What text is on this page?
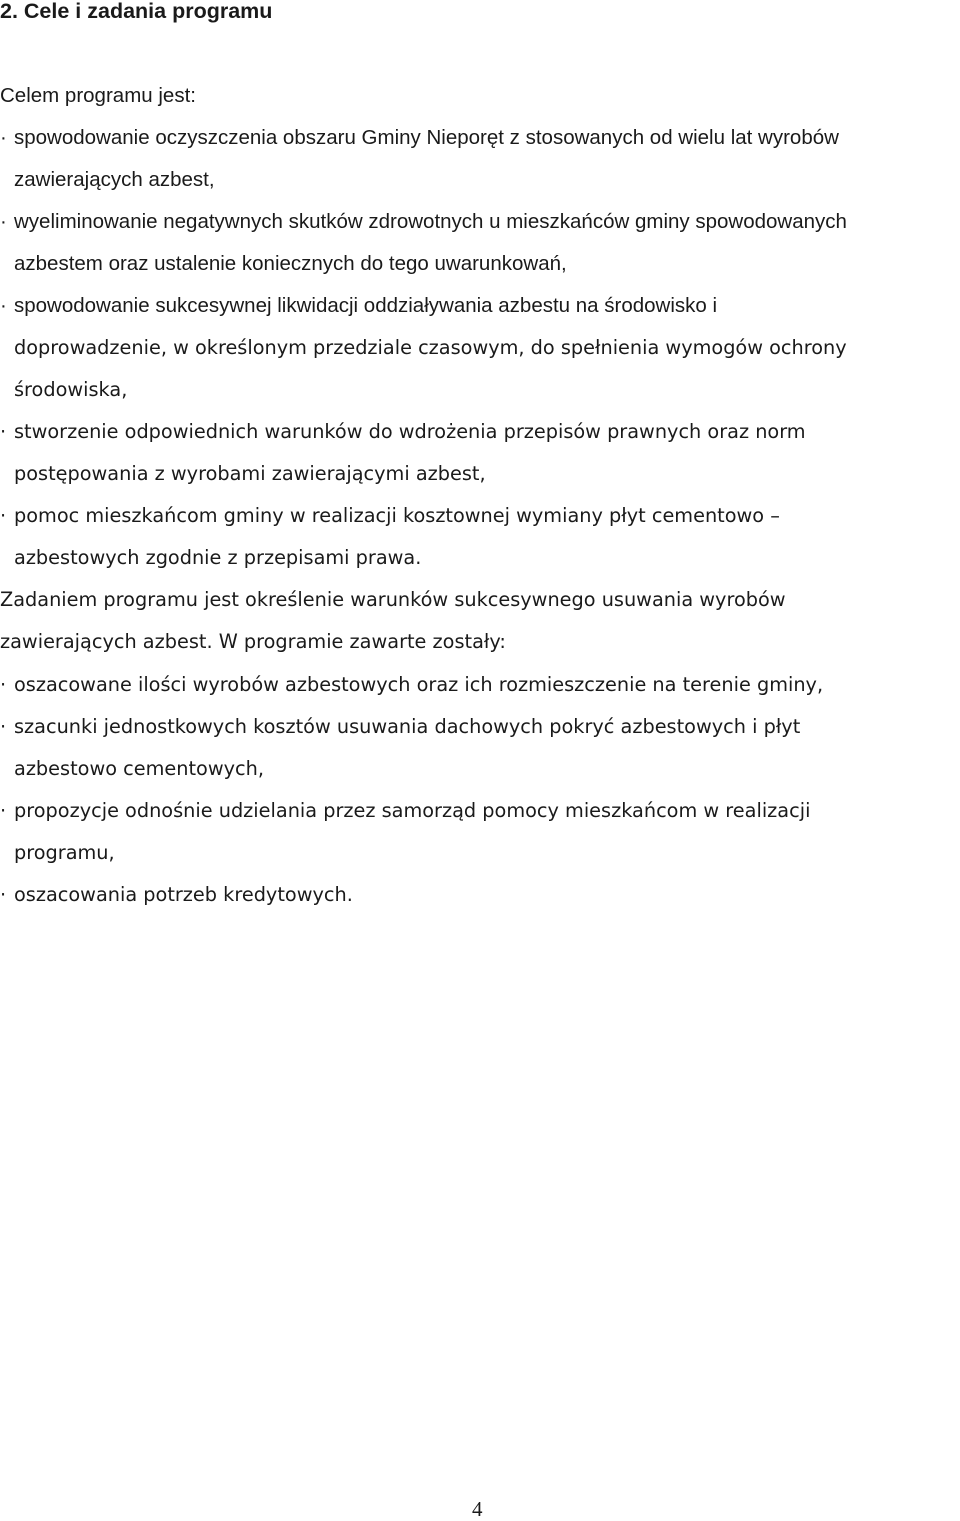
2. Cele i zadania programu

Celem programu jest:

· spowodowanie oczyszczenia obszaru Gminy Nieporęt z stosowanych od wielu lat wyrobów

zawierających azbest,

· wyeliminowanie negatywnych skutków zdrowotnych u mieszkańców gminy spowodowanych

azbestem oraz ustalenie koniecznych do tego uwarunkowań,

· spowodowanie sukcesywnej likwidacji oddziaływania azbestu na środowisko i

doprowadzenie, w określonym przedziale czasowym, do spełnienia wymogów ochrony

środowiska,

· stworzenie odpowiednich warunków do wdrożenia przepisów prawnych oraz norm

postępowania z wyrobami zawierającymi azbest,

· pomoc mieszkańcom gminy w realizacji kosztownej wymiany płyt cementowo –

azbestowych zgodnie z przepisami prawa.

Zadaniem programu jest określenie warunków sukcesywnego usuwania wyrobów

zawierających azbest. W programie zawarte zostały:

· oszacowane ilości wyrobów azbestowych oraz ich rozmieszczenie na terenie gminy,

· szacunki jednostkowych kosztów usuwania dachowych pokryć azbestowych i płyt

azbestowo cementowych,

· propozycje odnośnie udzielania przez samorząd pomocy mieszkańcom w realizacji

programu,

· oszacowania potrzeb kredytowych.

4
